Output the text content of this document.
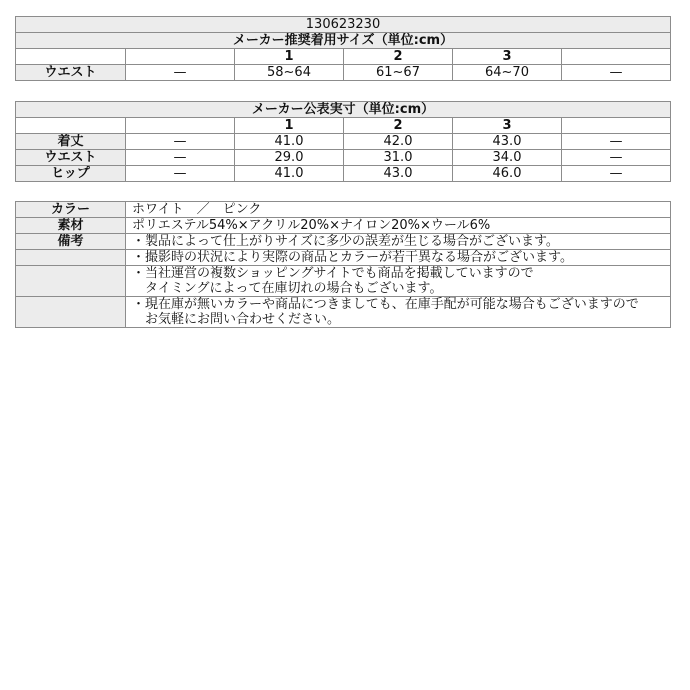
130623230					
メーカー推奨着用サイズ（単位:cm）					
		1	2	3	
ウエスト	—	58~64	61~67	64~70	—
メーカー公表実寸（単位:cm）					
		1	2	3	
着丈	—	41.0	42.0	43.0	—
ウエスト	—	29.0	31.0	34.0	—
ヒップ	—	41.0	43.0	46.0	—
カラー	ホワイト　／　ピンク
素材	ポリエステル54%×アクリル20%×ナイロン20%×ウール6%
備考	・製品によって仕上がりサイズに多少の誤差が生じる場合がございます。

	・撮影時の状況により実際の商品とカラーが若干異なる場合がございます。

	・当社運営の複数ショッピングサイトでも商品を掲載していますので
　タイミングによって在庫切れの場合もございます。

	・現在庫が無いカラーや商品につきましても、在庫手配が可能な場合もございますので
　お気軽にお問い合わせください。
